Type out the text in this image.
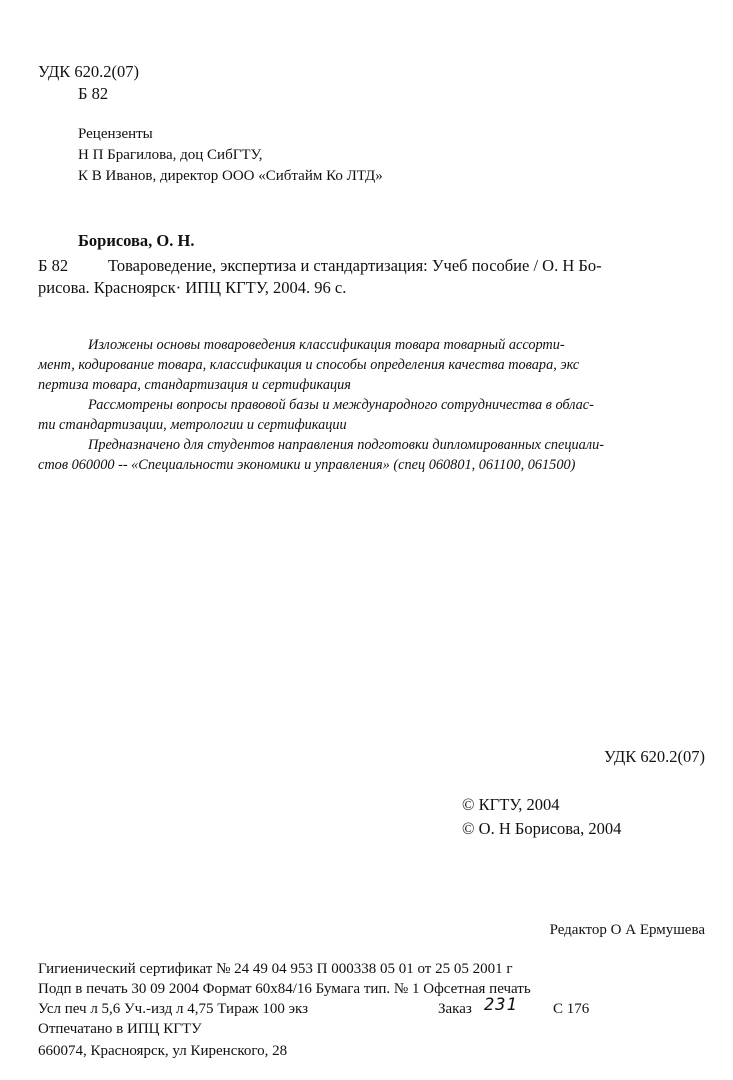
УДК 620.2(07)
Б 82
Рецензенты
Н П Брагилова, доц СибГТУ,
К В Иванов, директор ООО «Сибтайм Ко ЛТД»
Борисова, О. Н.
Б 82 Товароведение, экспертиза и стандартизация: Учеб пособие / О. Н Бо-
рисова. Красноярск· ИПЦ КГТУ, 2004. 96 с.
Изложены основы товароведения классификация товара товарный ассорти-
мент, кодирование товара, классификация и способы определения качества товара, экс
пертиза товара, стандартизация и сертификация
Рассмотрены вопросы правовой базы и международного сотрудничества в облас-
ти стандартизации, метрологии и сертификации
Предназначено для студентов направления подготовки дипломированных специали-
стов 060000 -- «Специальности экономики и управления» (спец 060801, 061100, 061500)
УДК 620.2(07)
© КГТУ, 2004
© О. Н Борисова, 2004
Редактор О А Ермушева
Гигиенический сертификат № 24 49 04 953 П 000338 05 01 от 25 05 2001 г
Подп в печать 30 09 2004 Формат 60x84/16 Бумага тип. № 1 Офсетная печать
Усл печ л 5,6 Уч.-изд л 4,75 Тираж 100 экз	Заказ 231 С 176
Отпечатано в ИПЦ КГТУ
660074, Красноярск, ул Киренского, 28
